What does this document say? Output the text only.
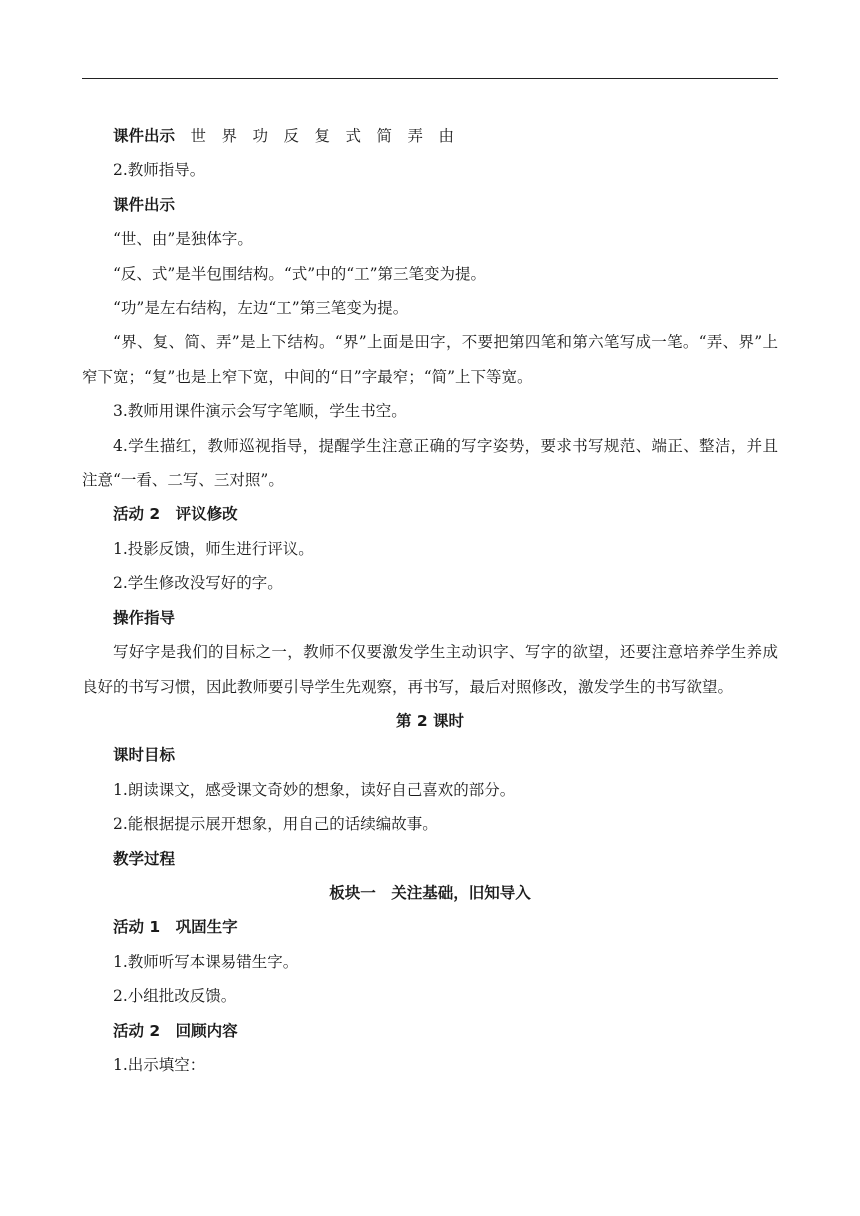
课件出示　 世　界　功　反　复　式　简　弄　由

2.教师指导。

课件出示

“世、由”是独体字。

“反、式”是半包围结构。“式”中的“工”第三笔变为提。

“功”是左右结构，左边“工”第三笔变为提。

“界、复、简、弄”是上下结构。“界”上面是田字，不要把第四笔和第六笔写成一笔。“弄、界”上窄下宽；“复”也是上窄下宽，中间的“日”字最窄；“简”上下等宽。

3.教师用课件演示会写字笔顺，学生书空。

4.学生描红，教师巡视指导，提醒学生注意正确的写字姿势，要求书写规范、端正、整洁，并且注意“一看、二写、三对照”。

活动 2　评议修改

1.投影反馈，师生进行评议。

2.学生修改没写好的字。

操作指导

写好字是我们的目标之一，教师不仅要激发学生主动识字、写字的欲望，还要注意培养学生养成良好的书写习惯，因此教师要引导学生先观察，再书写，最后对照修改，激发学生的书写欲望。

第 2 课时

课时目标

1.朗读课文，感受课文奇妙的想象，读好自己喜欢的部分。

2.能根据提示展开想象，用自己的话续编故事。

教学过程

板块一　关注基础，旧知导入

活动 1　巩固生字

1.教师听写本课易错生字。

2.小组批改反馈。

活动 2　回顾内容

1.出示填空：
